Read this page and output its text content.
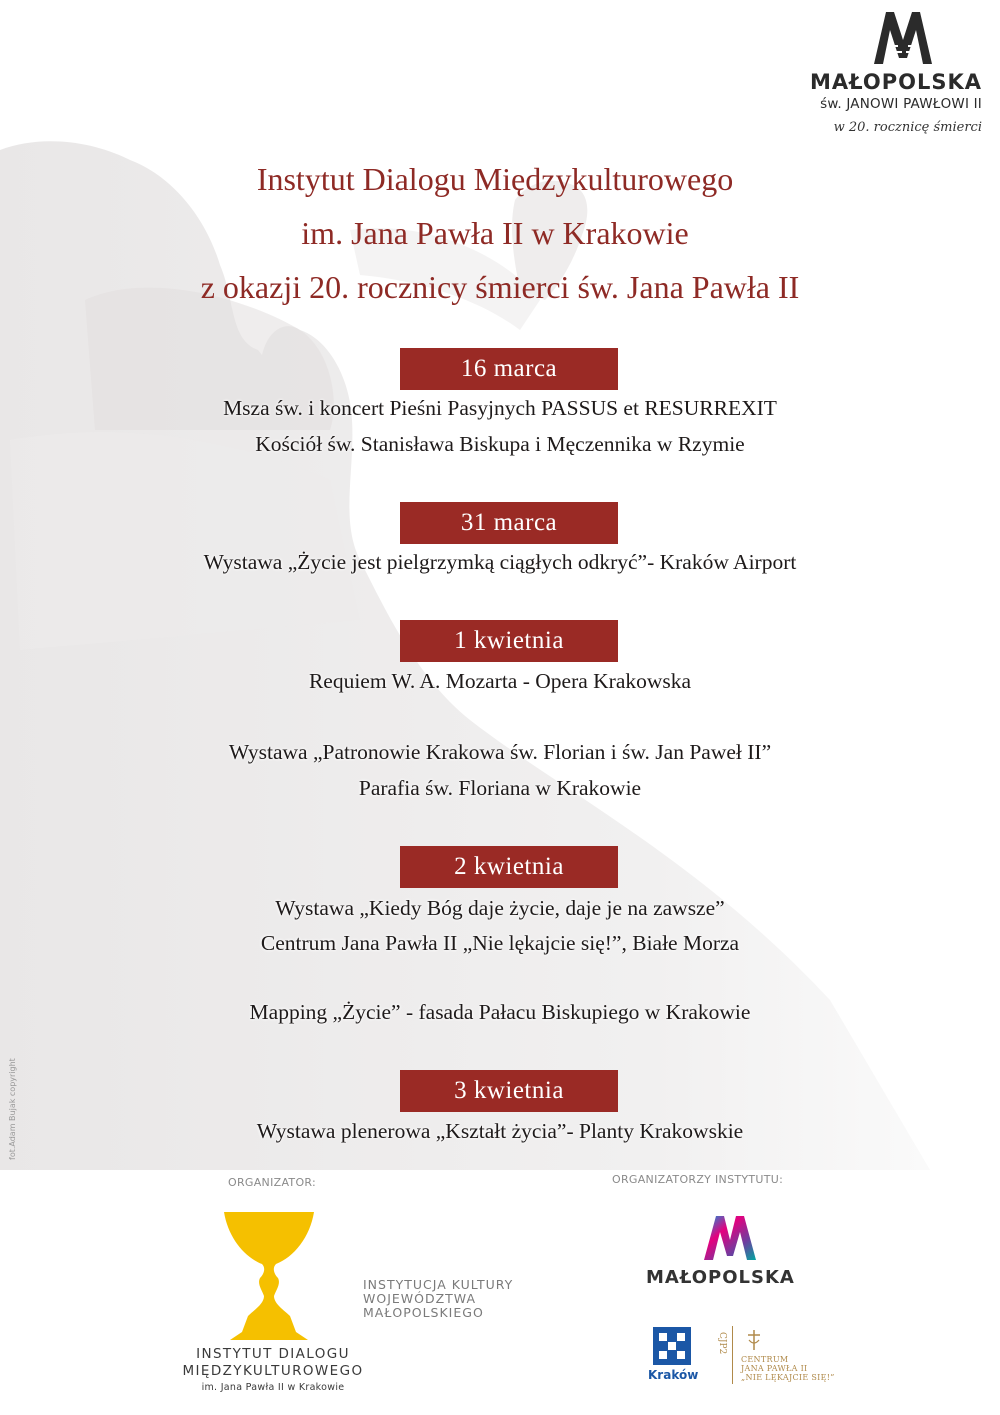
MAŁOPOLSKA
św. JANOWI PAWŁOWI II
w 20. rocznicę śmierci
Instytut Dialogu Międzykulturowego
im. Jana Pawła II w Krakowie
z okazji 20. rocznicy śmierci św. Jana Pawła II
16 marca
Msza św. i koncert Pieśni Pasyjnych PASSUS et RESURREXIT
Kościół św. Stanisława Biskupa i Męczennika w Rzymie
31 marca
Wystawa „Życie jest pielgrzymką ciągłych odkryć”- Kraków Airport
1 kwietnia
Requiem W. A. Mozarta - Opera Krakowska
Wystawa „Patronowie Krakowa św. Florian i św. Jan Paweł II”
Parafia św. Floriana w Krakowie
2 kwietnia
Wystawa „Kiedy Bóg daje życie, daje je na zawsze”
Centrum Jana Pawła II „Nie lękajcie się!”, Białe Morza
Mapping „Życie” - fasada Pałacu Biskupiego w Krakowie
3 kwietnia
Wystawa plenerowa „Kształt życia”- Planty Krakowskie
fot.Adam Bujak copyright
ORGANIZATOR:	ORGANIZATORZY INSTYTUTU:
INSTYTUT DIALOGU
MIĘDZYKULTUROWEGO
im. Jana Pawła II w Krakowie
INSTYTUCJA KULTURY
WOJEWÓDZTWA
MAŁOPOLSKIEGO
MAŁOPOLSKA
Kraków
CJP2
CENTRUM
JANA PAWŁA II
„NIE LĘKAJCIE SIĘ!”
